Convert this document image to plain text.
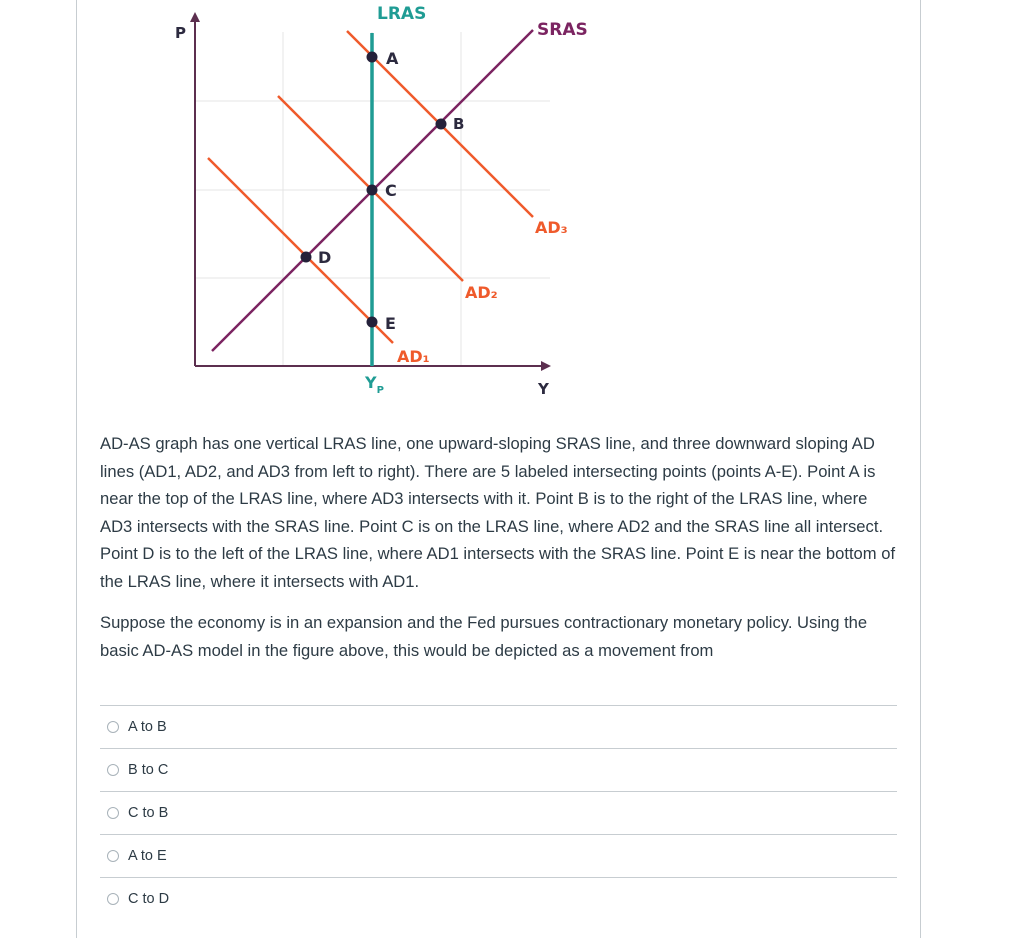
A
B
C
D
E
LRAS
SRAS
AD₃
AD₂
AD₁
P
Y
$Y_P$

AD-AS graph has one vertical LRAS line, one upward-sloping SRAS line, and three downward sloping AD lines (AD1, AD2, and AD3 from left to right). There are 5 labeled intersecting points (points A-E). Point A is near the top of the LRAS line, where AD3 intersects with it. Point B is to the right of the LRAS line, where AD3 intersects with the SRAS line. Point C is on the LRAS line, where AD2 and the SRAS line all intersect. Point D is to the left of the LRAS line, where AD1 intersects with the SRAS line. Point E is near the bottom of the LRAS line, where it intersects with AD1.

Suppose the economy is in an expansion and the Fed pursues contractionary monetary policy. Using the basic AD-AS model in the figure above, this would be depicted as a movement from

A to B
B to C
C to B
A to E
C to D
